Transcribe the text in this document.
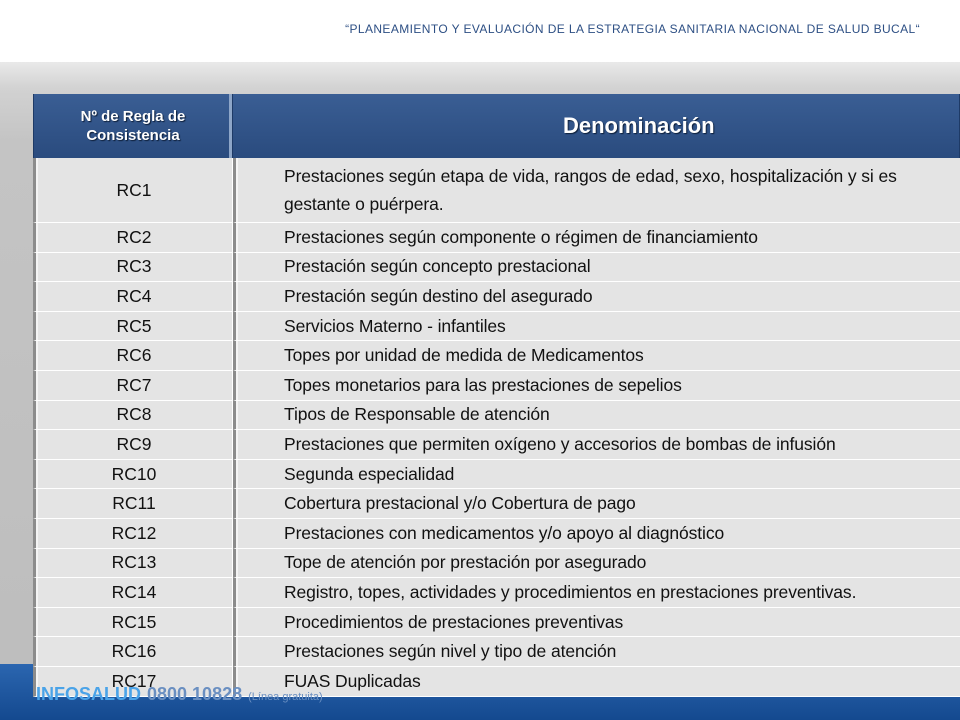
“PLANEAMIENTO Y EVALUACIÓN DE LA ESTRATEGIA SANITARIA NACIONAL DE SALUD BUCAL“
Nº de Regla de
Consistencia	Denominación
RC1	Prestaciones según etapa de vida, rangos de edad, sexo, hospitalización y si es gestante o puérpera.
RC2	Prestaciones según componente o régimen de financiamiento
RC3	Prestación según concepto prestacional
RC4	Prestación según destino del asegurado
RC5	Servicios Materno - infantiles
RC6	Topes por unidad de medida de Medicamentos
RC7	Topes monetarios para las prestaciones de sepelios
RC8	Tipos de Responsable de atención
RC9	Prestaciones que permiten oxígeno y accesorios de bombas de infusión
RC10	Segunda especialidad
RC11	Cobertura prestacional y/o Cobertura de pago
RC12	Prestaciones con medicamentos y/o apoyo al diagnóstico
RC13	Tope de atención por prestación por asegurado
RC14	Registro, topes, actividades y procedimientos en prestaciones preventivas.
RC15	Procedimientos de prestaciones preventivas
RC16	Prestaciones según nivel y tipo de atención
RC17	FUAS Duplicadas
INFOSALUD 0800 10828 (Línea gratuita)
